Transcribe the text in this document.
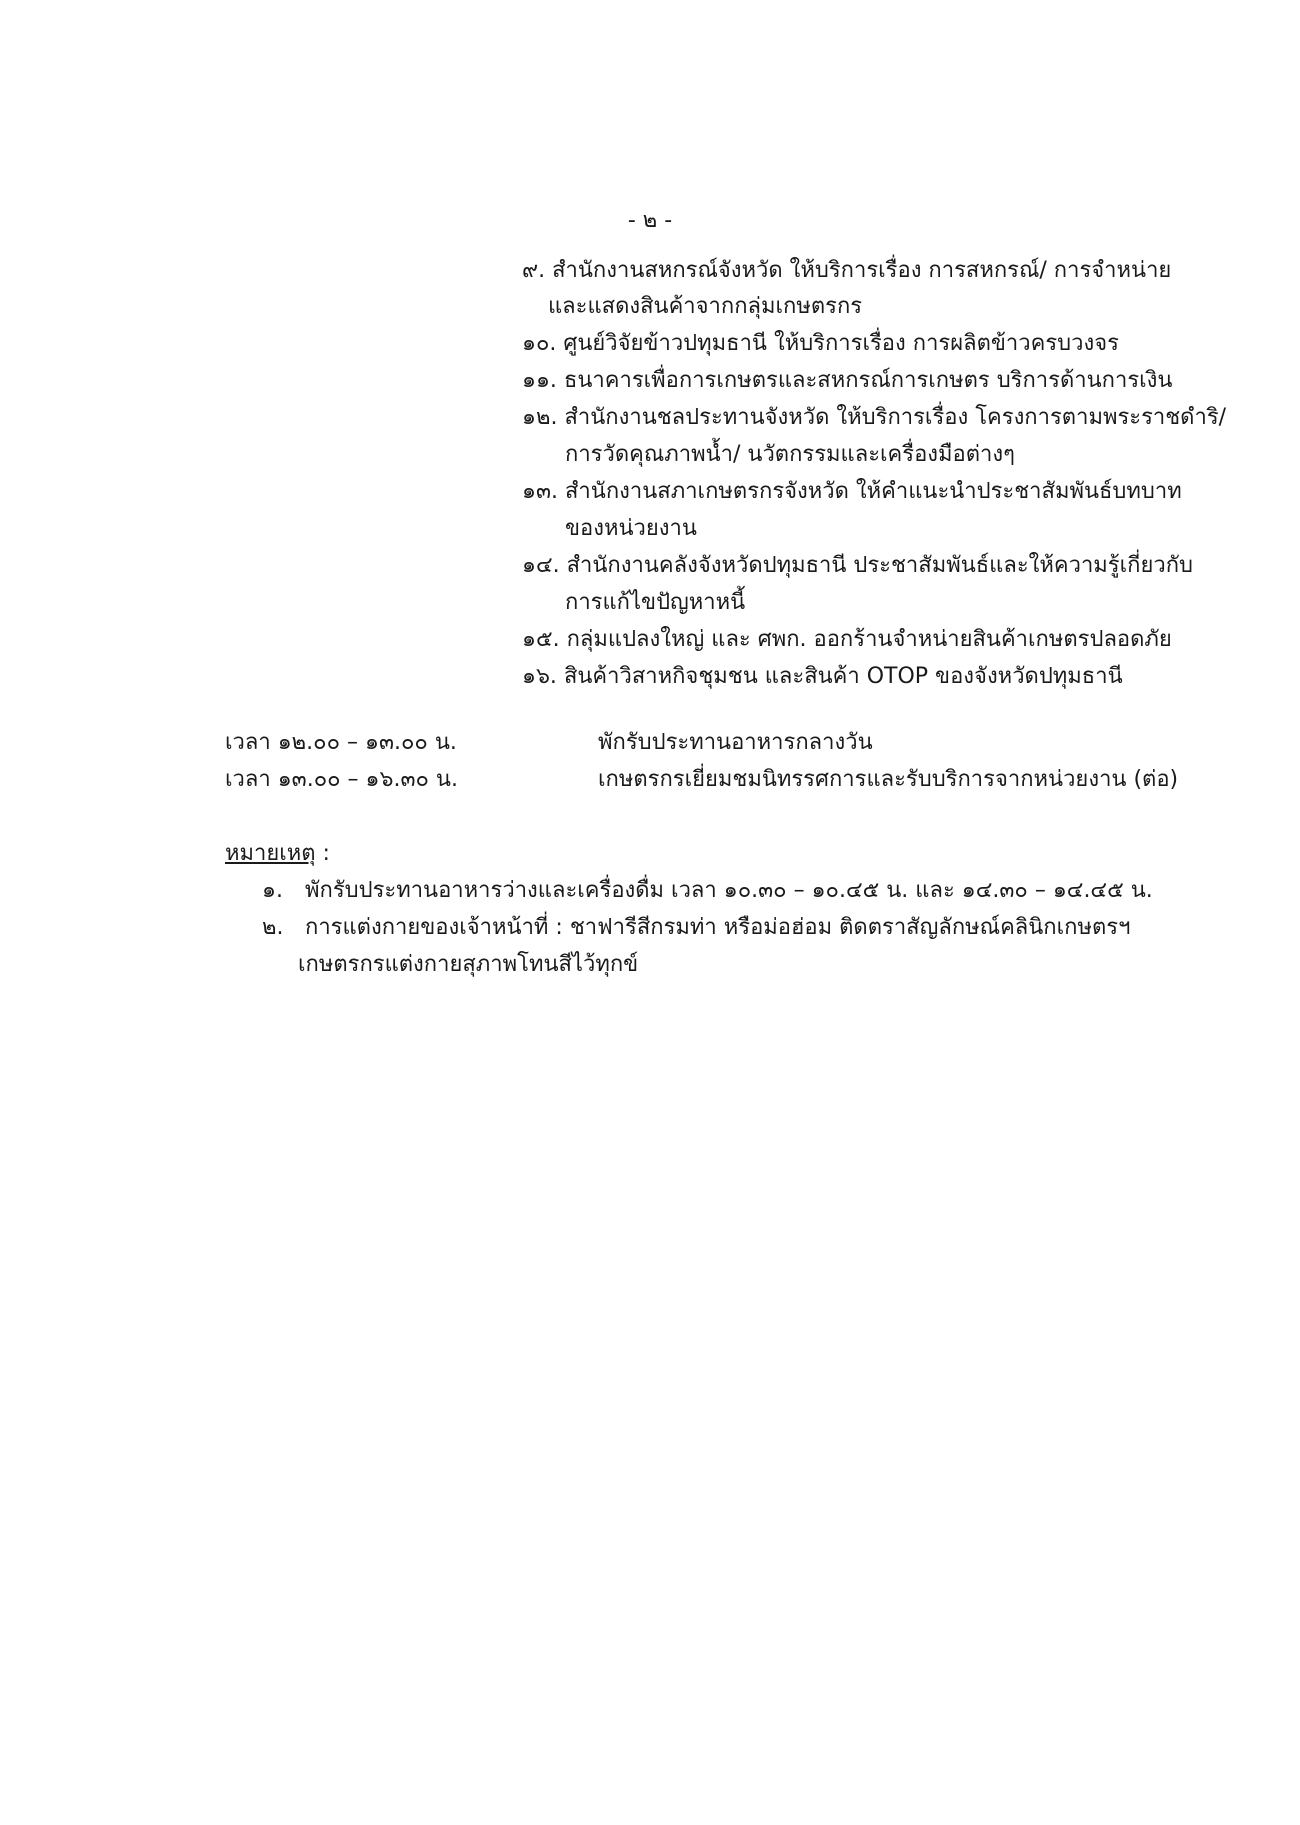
- ๒ -
๙. สำนักงานสหกรณ์จังหวัด ให้บริการเรื่อง การสหกรณ์/ การจำหน่าย
และแสดงสินค้าจากกลุ่มเกษตรกร
๑๐. ศูนย์วิจัยข้าวปทุมธานี ให้บริการเรื่อง การผลิตข้าวครบวงจร
๑๑. ธนาคารเพื่อการเกษตรและสหกรณ์การเกษตร บริการด้านการเงิน
๑๒. สำนักงานชลประทานจังหวัด ให้บริการเรื่อง โครงการตามพระราชดำริ/
การวัดคุณภาพน้ำ/ นวัตกรรมและเครื่องมือต่างๆ
๑๓. สำนักงานสภาเกษตรกรจังหวัด ให้คำแนะนำประชาสัมพันธ์บทบาท
ของหน่วยงาน
๑๔. สำนักงานคลังจังหวัดปทุมธานี ประชาสัมพันธ์และให้ความรู้เกี่ยวกับ
การแก้ไขปัญหาหนี้
๑๕. กลุ่มแปลงใหญ่ และ ศพก. ออกร้านจำหน่ายสินค้าเกษตรปลอดภัย
๑๖. สินค้าวิสาหกิจชุมชน และสินค้า OTOP ของจังหวัดปทุมธานี
เวลา ๑๒.๐๐ – ๑๓.๐๐ น.	พักรับประทานอาหารกลางวัน
เวลา ๑๓.๐๐ – ๑๖.๓๐ น.	เกษตรกรเยี่ยมชมนิทรรศการและรับบริการจากหน่วยงาน (ต่อ)
หมายเหตุ :
๑. พักรับประทานอาหารว่างและเครื่องดื่ม เวลา ๑๐.๓๐ – ๑๐.๔๕ น. และ ๑๔.๓๐ – ๑๔.๔๕ น.
๒. การแต่งกายของเจ้าหน้าที่ : ชาฟารีสีกรมท่า หรือม่อฮ่อม ติดตราสัญลักษณ์คลินิกเกษตรฯ
เกษตรกรแต่งกายสุภาพโทนสีไว้ทุกข์
